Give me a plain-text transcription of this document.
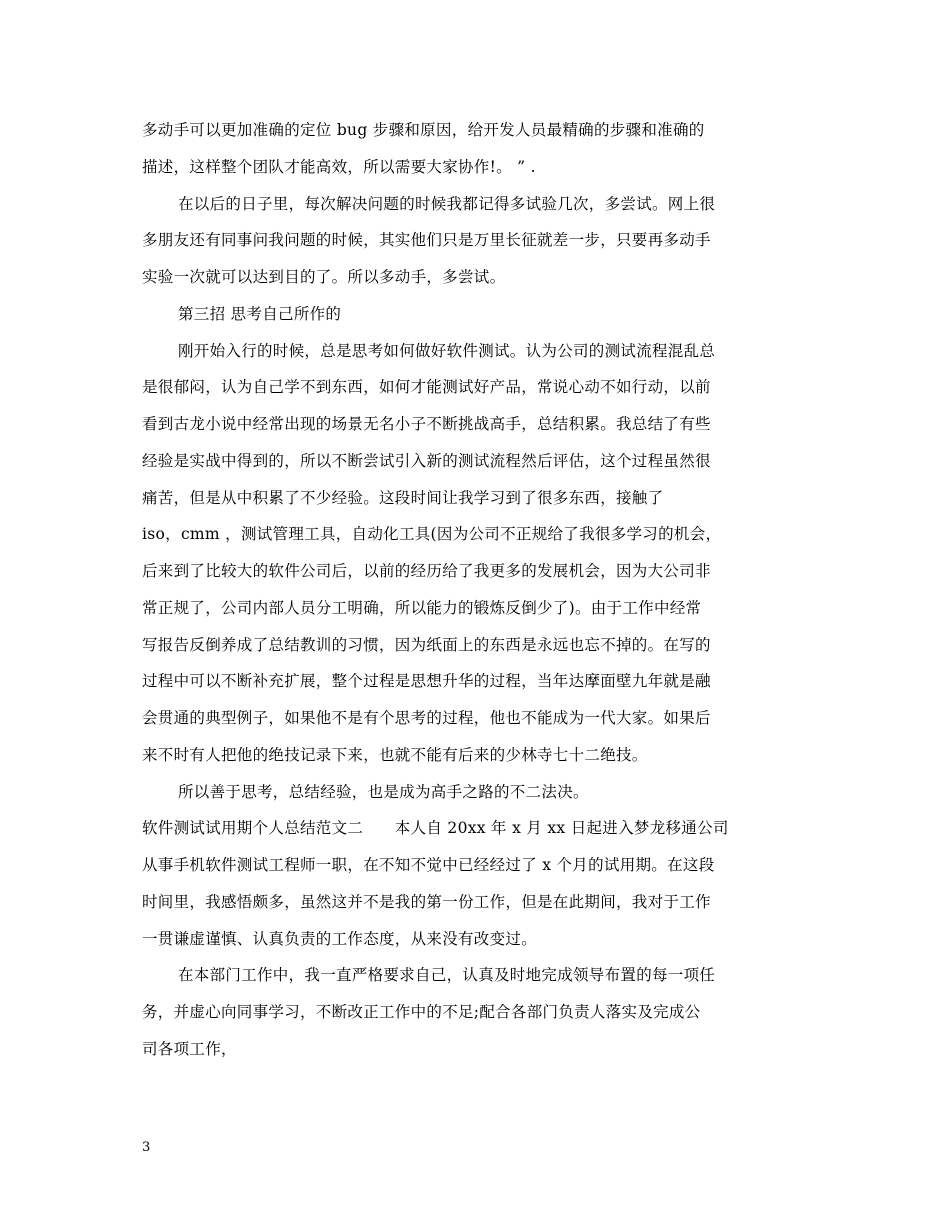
多动手可以更加准确的定位 bug 步骤和原因，给开发人员最精确的步骤和准确的
描述，这样整个团队才能高效，所以需要大家协作!。 ” .
在以后的日子里，每次解决问题的时候我都记得多试验几次，多尝试。网上很
多朋友还有同事问我问题的时候，其实他们只是万里长征就差一步，只要再多动手
实验一次就可以达到目的了。所以多动手，多尝试。
第三招 思考自己所作的
刚开始入行的时候，总是思考如何做好软件测试。认为公司的测试流程混乱总
是很郁闷，认为自己学不到东西，如何才能测试好产品，常说心动不如行动，以前
看到古龙小说中经常出现的场景无名小子不断挑战高手，总结积累。我总结了有些
经验是实战中得到的，所以不断尝试引入新的测试流程然后评估，这个过程虽然很
痛苦，但是从中积累了不少经验。这段时间让我学习到了很多东西，接触了
iso，cmm ，测试管理工具，自动化工具(因为公司不正规给了我很多学习的机会，
后来到了比较大的软件公司后，以前的经历给了我更多的发展机会，因为大公司非
常正规了，公司内部人员分工明确，所以能力的锻炼反倒少了)。由于工作中经常
写报告反倒养成了总结教训的习惯，因为纸面上的东西是永远也忘不掉的。在写的
过程中可以不断补充扩展，整个过程是思想升华的过程，当年达摩面壁九年就是融
会贯通的典型例子，如果他不是有个思考的过程，他也不能成为一代大家。如果后
来不时有人把他的绝技记录下来，也就不能有后来的少林寺七十二绝技。
所以善于思考，总结经验，也是成为高手之路的不二法决。
软件测试试用期个人总结范文二　　本人自 20xx 年 x 月 xx 日起进入梦龙移通公司
从事手机软件测试工程师一职，在不知不觉中已经经过了 x 个月的试用期。在这段
时间里，我感悟颇多，虽然这并不是我的第一份工作，但是在此期间，我对于工作
一贯谦虚谨慎、认真负责的工作态度，从来没有改变过。
在本部门工作中，我一直严格要求自己，认真及时地完成领导布置的每一项任
务，并虚心向同事学习，不断改正工作中的不足;配合各部门负责人落实及完成公
司各项工作，
3
